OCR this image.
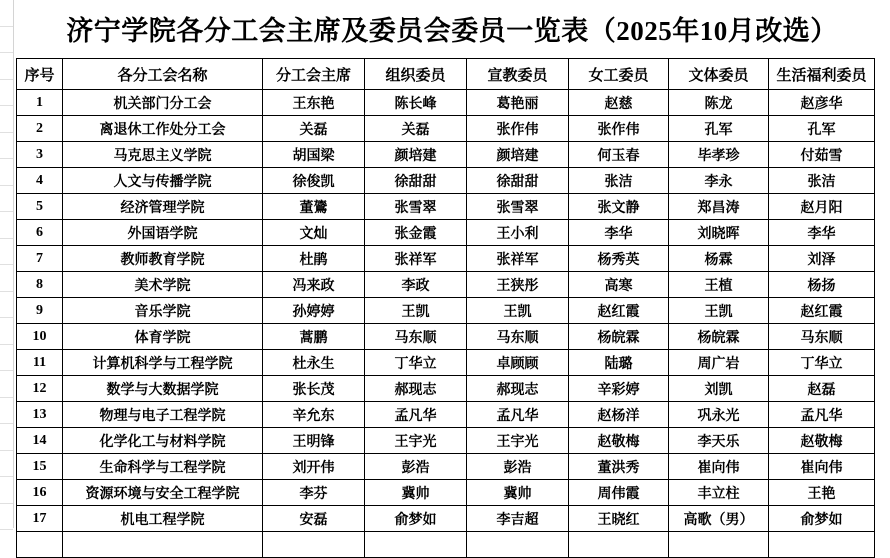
济宁学院各分工会主席及委员会委员一览表（2025年10月改选）
序号	各分工会名称	分工会主席	组织委员	宣教委员	女工委员	文体委员	生活福利委员
1	机关部门分工会	王东艳	陈长峰	葛艳丽	赵慈	陈龙	赵彦华
2	离退休工作处分工会	关磊	关磊	张作伟	张作伟	孔军	孔军
3	马克思主义学院	胡国梁	颜培建	颜培建	何玉春	毕孝珍	付茹雪
4	人文与传播学院	徐俊凯	徐甜甜	徐甜甜	张洁	李永	张洁
5	经济管理学院	董鷟	张雪翠	张雪翠	张文静	郑昌涛	赵月阳
6	外国语学院	文灿	张金霞	王小利	李华	刘晓晖	李华
7	教师教育学院	杜鹃	张祥军	张祥军	杨秀英	杨霖	刘泽
8	美术学院	冯来政	李政	王狭彤	高寒	王植	杨扬
9	音乐学院	孙婷婷	王凯	王凯	赵红霞	王凯	赵红霞
10	体育学院	蒿鹏	马东顺	马东顺	杨皖霖	杨皖霖	马东顺
11	计算机科学与工程学院	杜永生	丁华立	卓顾顾	陆璐	周广岩	丁华立
12	数学与大数据学院	张长茂	郝现志	郝现志	辛彩婷	刘凯	赵磊
13	物理与电子工程学院	辛允东	孟凡华	孟凡华	赵杨洋	巩永光	孟凡华
14	化学化工与材料学院	王明锋	王宇光	王宇光	赵敬梅	李天乐	赵敬梅
15	生命科学与工程学院	刘开伟	彭浩	彭浩	董洪秀	崔向伟	崔向伟
16	资源环境与安全工程学院	李芬	冀帅	冀帅	周伟霞	丰立柱	王艳
17	机电工程学院	安磊	俞梦如	李吉超	王晓红	高歌（男）	俞梦如
